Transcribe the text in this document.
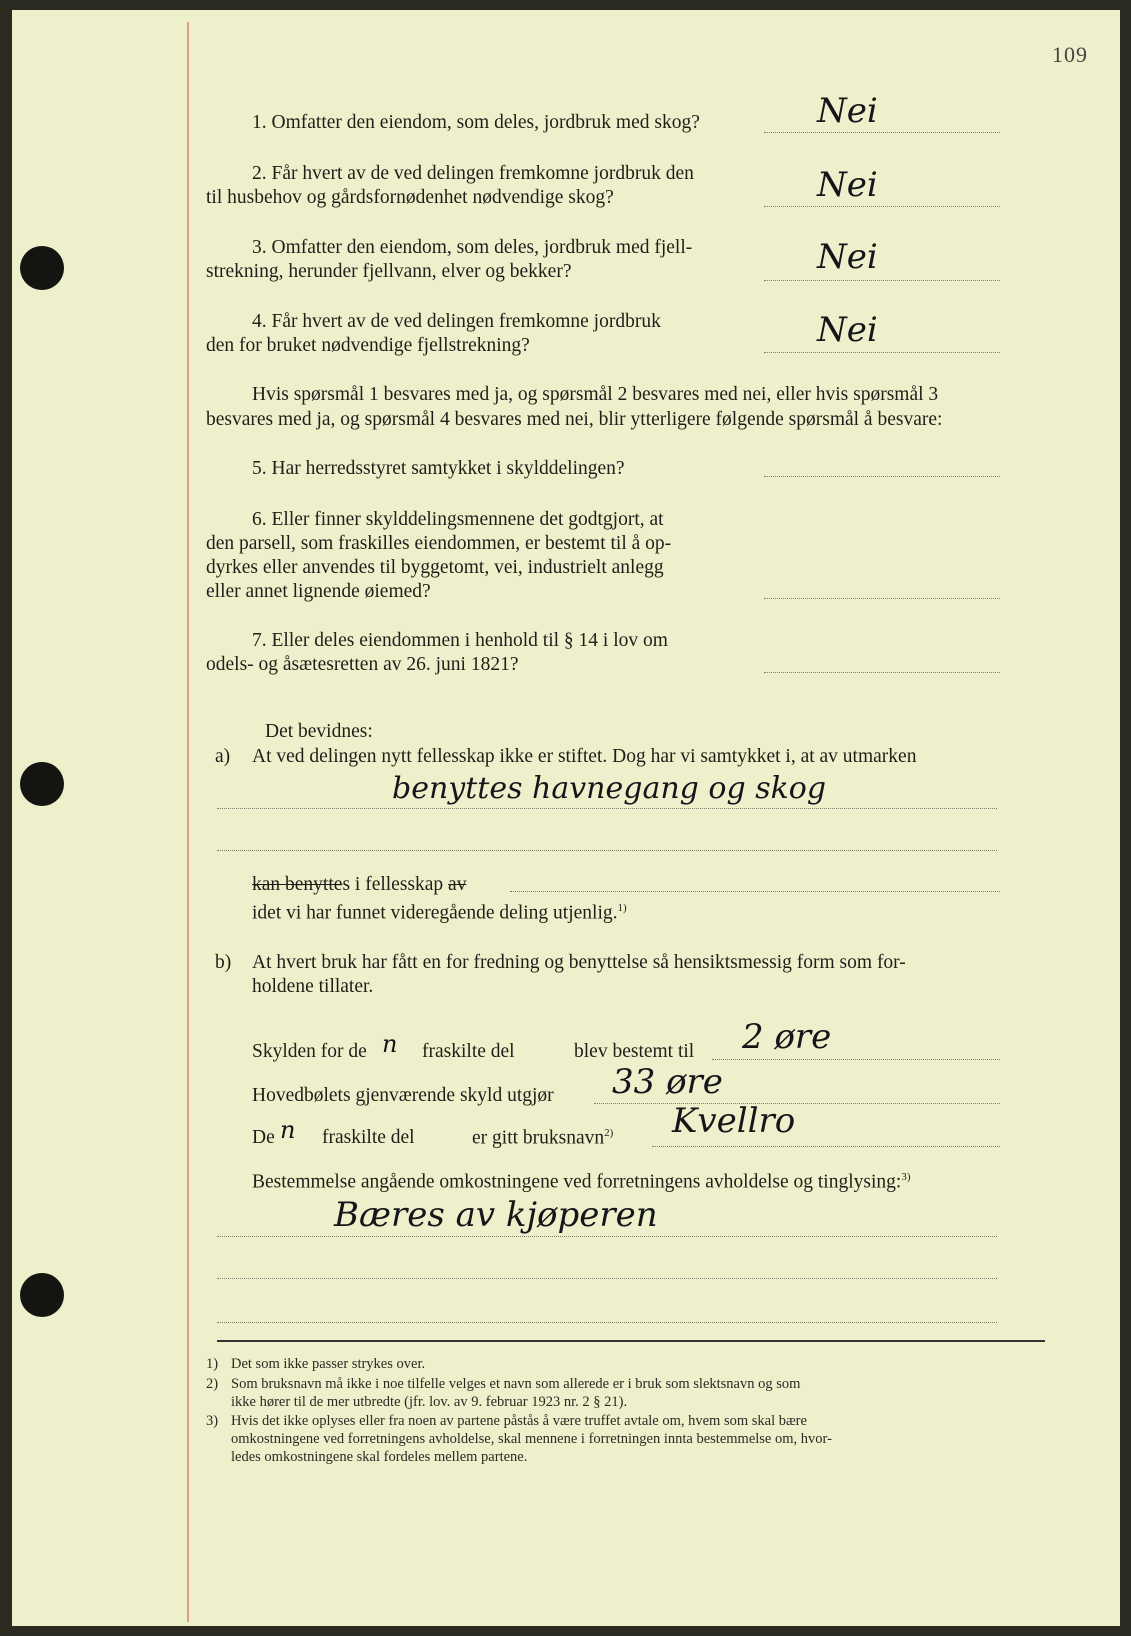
109
1. Omfatter den eiendom, som deles, jordbruk med skog?	Nei
2. Får hvert av de ved delingen fremkomne jordbruk den
til husbehov og gårdsfornødenhet nødvendige skog?	Nei
3. Omfatter den eiendom, som deles, jordbruk med fjell-
strekning, herunder fjellvann, elver og bekker?	Nei
4. Får hvert av de ved delingen fremkomne jordbruk
den for bruket nødvendige fjellstrekning?	Nei
Hvis spørsmål 1 besvares med ja, og spørsmål 2 besvares med nei, eller hvis spørsmål 3
besvares med ja, og spørsmål 4 besvares med nei, blir ytterligere følgende spørsmål å besvare:
5. Har herredsstyret samtykket i skylddelingen?
6. Eller finner skylddelingsmennene det godtgjort, at
den parsell, som fraskilles eiendommen, er bestemt til å op-
dyrkes eller anvendes til byggetomt, vei, industrielt anlegg
eller annet lignende øiemed?
7. Eller deles eiendommen i henhold til § 14 i lov om
odels- og åsætesretten av 26. juni 1821?
Det bevidnes:
a) At ved delingen nytt fellesskap ikke er stiftet. Dog har vi samtykket i, at av utmarken
benyttes havnegang og skog
kan benyttes i fellesskap av
idet vi har funnet videregående deling utjenlig.$^{1)}$
b) At hvert bruk har fått en for fredning og benyttelse så hensiktsmessig form som for-
holdene tillater.
Skylden for de n fraskilte del	blev bestemt til 2 øre
Hovedbølets gjenværende skyld utgjør 33 øre
De n fraskilte del	er gitt bruksnavn$^{2)}$ Kvellro
Bestemmelse angående omkostningene ved forretningens avholdelse og tinglysing:$^{3)}$
Bæres av kjøperen
1) Det som ikke passer strykes over.
2) Som bruksnavn må ikke i noe tilfelle velges et navn som allerede er i bruk som slektsnavn og som
ikke hører til de mer utbredte (jfr. lov. av 9. februar 1923 nr. 2 § 21).
3) Hvis det ikke oplyses eller fra noen av partene påstås å være truffet avtale om, hvem som skal bære
omkostningene ved forretningens avholdelse, skal mennene i forretningen innta bestemmelse om, hvor-
ledes omkostningene skal fordeles mellem partene.
